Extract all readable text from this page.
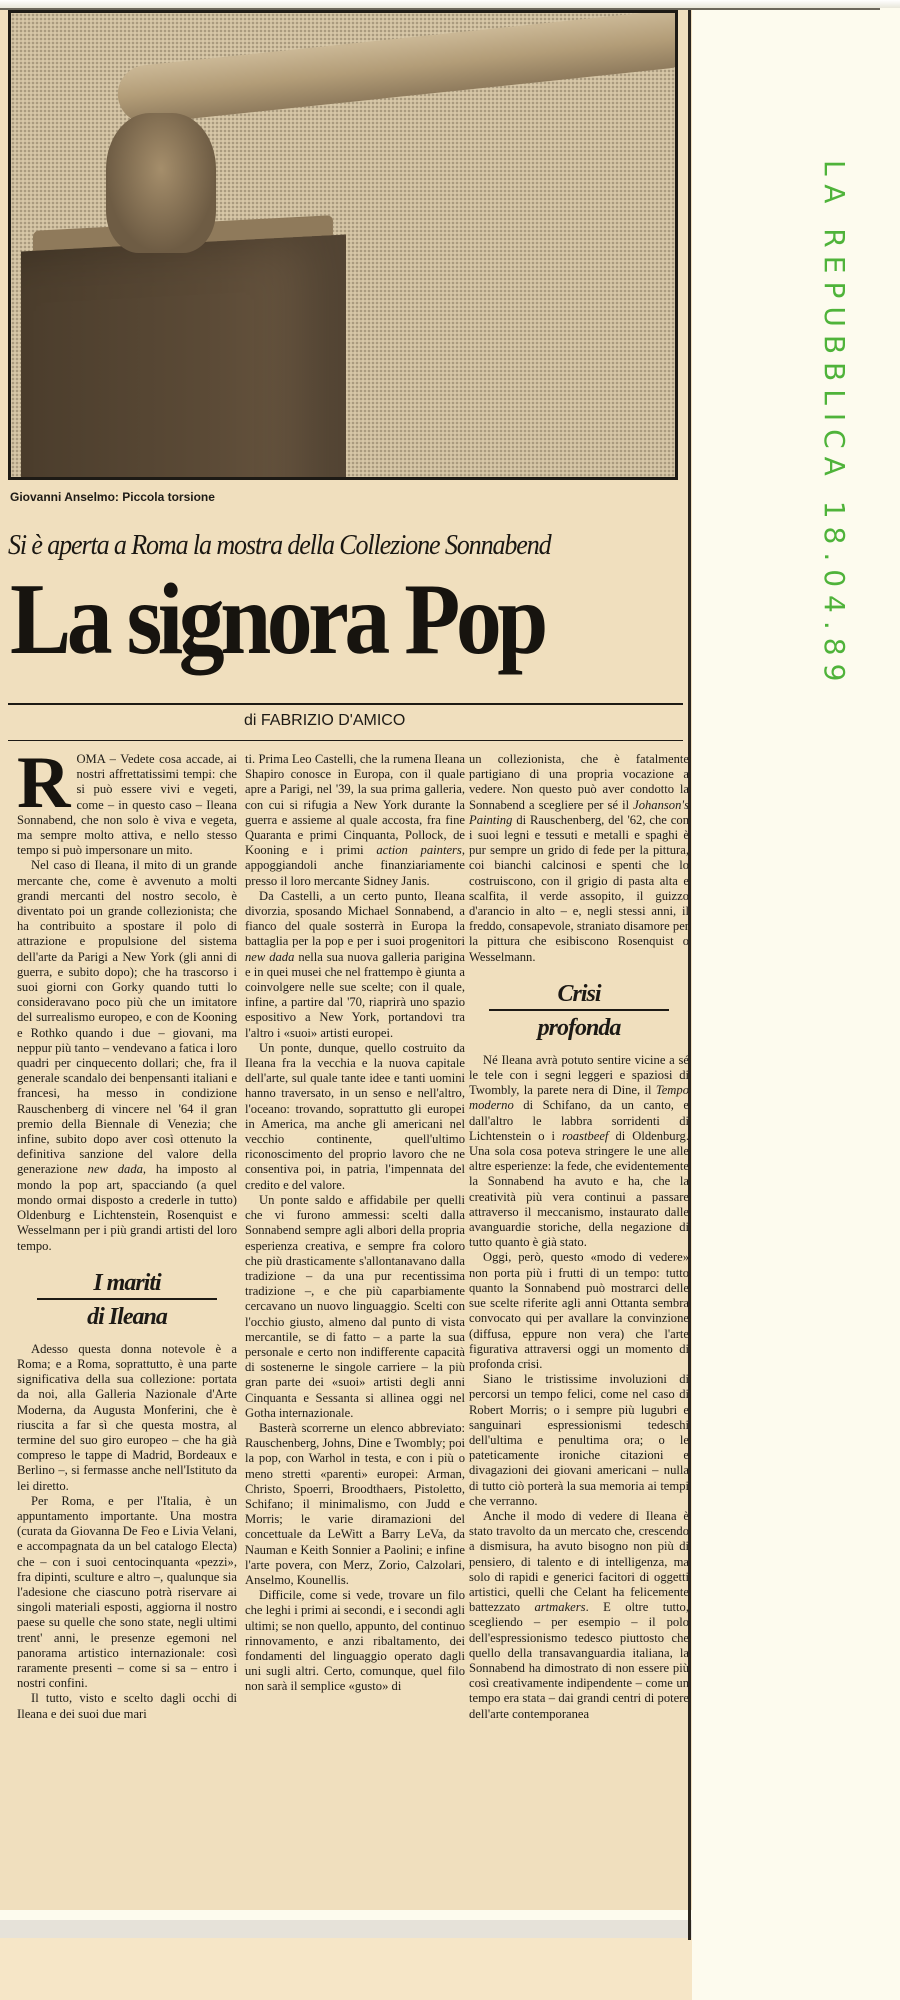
Giovanni Anselmo: Piccola torsione
Si è aperta a Roma la mostra della Collezione Sonnabend
La signora Pop
di FABRIZIO D'AMICO

ROMA – Vedete cosa accade, ai nostri affrettatissimi tempi: che si può essere vivi e vegeti, come – in questo caso – Ileana Sonnabend, che non solo è viva e vegeta, ma sempre molto attiva, e nello stesso tempo si può impersonare un mito.

Nel caso di Ileana, il mito di un grande mercante che, come è avvenuto a molti grandi mercanti del nostro secolo, è diventato poi un grande collezionista; che ha contribuito a spostare il polo di attrazione e propulsione del sistema dell'arte da Parigi a New York (gli anni di guerra, e subito dopo); che ha trascorso i suoi giorni con Gorky quando tutti lo consideravano poco più che un imitatore del surrealismo europeo, e con de Kooning e Rothko quando i due – giovani, ma neppur più tanto – vendevano a fatica i loro quadri per cinquecento dollari; che, fra il generale scandalo dei benpensanti italiani e francesi, ha messo in condizione Rauschenberg di vincere nel '64 il gran premio della Biennale di Venezia; che infine, subito dopo aver così ottenuto la definitiva sanzione del valore della generazione new dada, ha imposto al mondo la pop art, spacciando (a quel mondo ormai disposto a crederle in tutto) Oldenburg e Lichtenstein, Rosenquist e Wesselmann per i più grandi artisti del loro tempo.

I mariti
di Ileana

Adesso questa donna notevole è a Roma; e a Roma, soprattutto, è una parte significativa della sua collezione: portata da noi, alla Galleria Nazionale d'Arte Moderna, da Augusta Monferini, che è riuscita a far sì che questa mostra, al termine del suo giro europeo – che ha già compreso le tappe di Madrid, Bordeaux e Berlino –, si fermasse anche nell'Istituto da lei diretto.

Per Roma, e per l'Italia, è un appuntamento importante. Una mostra (curata da Giovanna De Feo e Livia Velani, e accompagnata da un bel catalogo Electa) che – con i suoi centocinquanta «pezzi», fra dipinti, sculture e altro –, qualunque sia l'adesione che ciascuno potrà riservare ai singoli materiali esposti, aggiorna il nostro paese su quelle che sono state, negli ultimi trent' anni, le presenze egemoni nel panorama artistico internazionale: così raramente presenti – come si sa – entro i nostri confini.

Il tutto, visto e scelto dagli occhi di Ileana e dei suoi due mari

ti. Prima Leo Castelli, che la rumena Ileana Shapiro conosce in Europa, con il quale apre a Parigi, nel '39, la sua prima galleria, con cui si rifugia a New York durante la guerra e assieme al quale accosta, fra fine Quaranta e primi Cinquanta, Pollock, de Kooning e i primi action painters, appoggiandoli anche finanziariamente presso il loro mercante Sidney Janis.

Da Castelli, a un certo punto, Ileana divorzia, sposando Michael Sonnabend, a fianco del quale sosterrà in Europa la battaglia per la pop e per i suoi progenitori new dada nella sua nuova galleria parigina e in quei musei che nel frattempo è giunta a coinvolgere nelle sue scelte; con il quale, infine, a partire dal '70, riaprirà uno spazio espositivo a New York, portandovi tra l'altro i «suoi» artisti europei.

Un ponte, dunque, quello costruito da Ileana fra la vecchia e la nuova capitale dell'arte, sul quale tante idee e tanti uomini hanno traversato, in un senso e nell'altro, l'oceano: trovando, soprattutto gli europei in America, ma anche gli americani nel vecchio continente, quell'ultimo riconoscimento del proprio lavoro che ne consentiva poi, in patria, l'impennata del credito e del valore.

Un ponte saldo e affidabile per quelli che vi furono ammessi: scelti dalla Sonnabend sempre agli albori della propria esperienza creativa, e sempre fra coloro che più drasticamente s'allontanavano dalla tradizione – da una pur recentissima tradizione –, e che più caparbiamente cercavano un nuovo linguaggio. Scelti con l'occhio giusto, almeno dal punto di vista mercantile, se di fatto – a parte la sua personale e certo non indifferente capacità di sostenerne le singole carriere – la più gran parte dei «suoi» artisti degli anni Cinquanta e Sessanta si allinea oggi nel Gotha internazionale.

Basterà scorrerne un elenco abbreviato: Rauschenberg, Johns, Dine e Twombly; poi la pop, con Warhol in testa, e con i più o meno stretti «parenti» europei: Arman, Christo, Spoerri, Broodthaers, Pistoletto, Schifano; il minimalismo, con Judd e Morris; le varie diramazioni del concettuale da LeWitt a Barry LeVa, da Nauman e Keith Sonnier a Paolini; e infine l'arte povera, con Merz, Zorio, Calzolari, Anselmo, Kounellis.

Difficile, come si vede, trovare un filo che leghi i primi ai secondi, e i secondi agli ultimi; se non quello, appunto, del continuo rinnovamento, e anzi ribaltamento, dei fondamenti del linguaggio operato dagli uni sugli altri. Certo, comunque, quel filo non sarà il semplice «gusto» di

un collezionista, che è fatalmente partigiano di una propria vocazione a vedere. Non questo può aver condotto la Sonnabend a scegliere per sé il Johanson's Painting di Rauschenberg, del '62, che con i suoi legni e tessuti e metalli e spaghi è pur sempre un grido di fede per la pittura, coi bianchi calcinosi e spenti che lo costruiscono, con il grigio di pasta alta e scalfita, il verde assopito, il guizzo d'arancio in alto – e, negli stessi anni, il freddo, consapevole, straniato disamore per la pittura che esibiscono Rosenquist o Wesselmann.

Crisi
profonda

Né Ileana avrà potuto sentire vicine a sé le tele con i segni leggeri e spaziosi di Twombly, la parete nera di Dine, il Tempo moderno di Schifano, da un canto, e dall'altro le labbra sorridenti di Lichtenstein o i roastbeef di Oldenburg. Una sola cosa poteva stringere le une alle altre esperienze: la fede, che evidentemente la Sonnabend ha avuto e ha, che la creatività più vera continui a passare attraverso il meccanismo, instaurato dalle avanguardie storiche, della negazione di tutto quanto è già stato.

Oggi, però, questo «modo di vedere» non porta più i frutti di un tempo: tutto quanto la Sonnabend può mostrarci delle sue scelte riferite agli anni Ottanta sembra convocato qui per avallare la convinzione (diffusa, eppure non vera) che l'arte figurativa attraversi oggi un momento di profonda crisi.

Siano le tristissime involuzioni di percorsi un tempo felici, come nel caso di Robert Morris; o i sempre più lugubri e sanguinari espressionismi tedeschi dell'ultima e penultima ora; o le pateticamente ironiche citazioni e divagazioni dei giovani americani – nulla di tutto ciò porterà la sua memoria ai tempi che verranno.

Anche il modo di vedere di Ileana è stato travolto da un mercato che, crescendo a dismisura, ha avuto bisogno non più di pensiero, di talento e di intelligenza, ma solo di rapidi e generici facitori di oggetti artistici, quelli che Celant ha felicemente battezzato artmakers. E oltre tutto, scegliendo – per esempio – il polo dell'espressionismo tedesco piuttosto che quello della transavanguardia italiana, la Sonnabend ha dimostrato di non essere più così creativamente indipendente – come un tempo era stata – dai grandi centri di potere dell'arte contemporanea

LA REPUBBLICA 18.04.89
